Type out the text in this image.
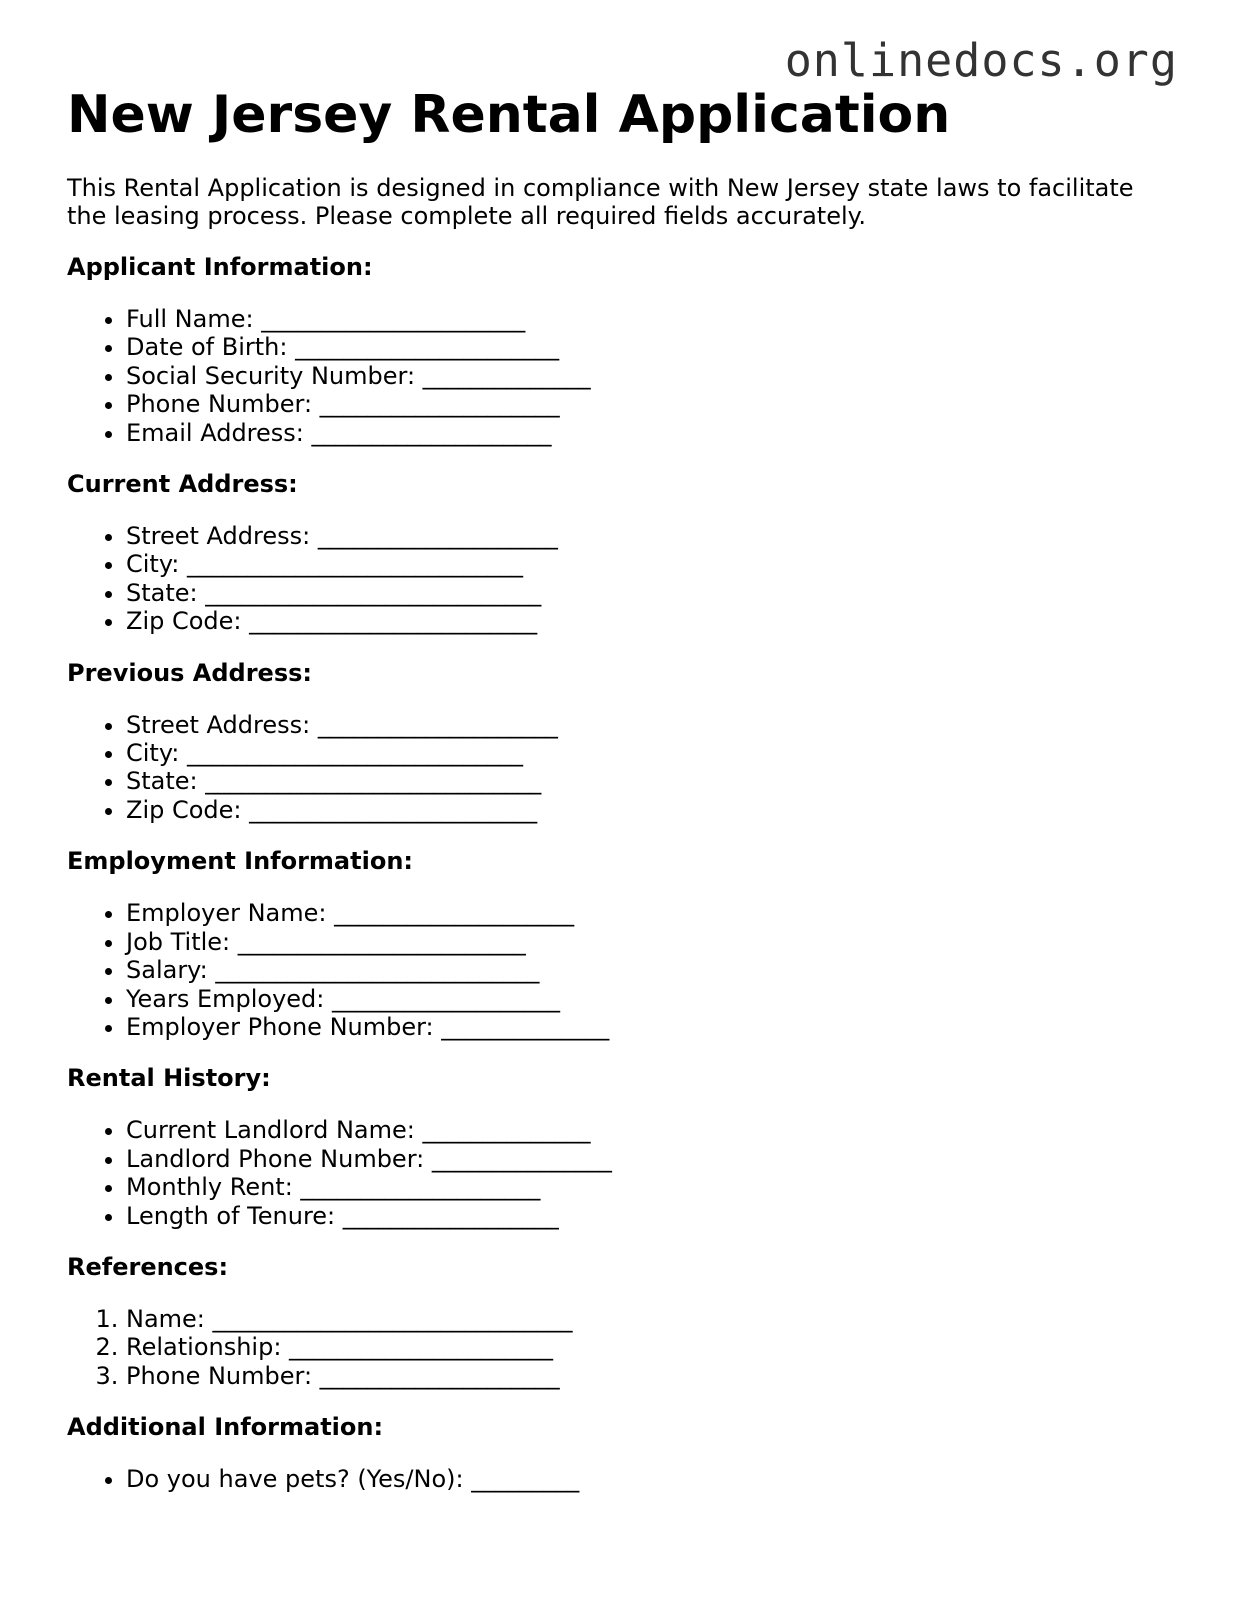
onlinedocs.org
New Jersey Rental Application

This Rental Application is designed in compliance with New Jersey state laws to facilitate the leasing process. Please complete all required fields accurately.

Applicant Information:
• Full Name: ______________________
• Date of Birth: ______________________
• Social Security Number: ______________
• Phone Number: ____________________
• Email Address: ____________________
Current Address:
• Street Address: ____________________
• City: ____________________________
• State: ____________________________
• Zip Code: ________________________
Previous Address:
• Street Address: ____________________
• City: ____________________________
• State: ____________________________
• Zip Code: ________________________
Employment Information:
• Employer Name: ____________________
• Job Title: ________________________
• Salary: ___________________________
• Years Employed: ___________________
• Employer Phone Number: ______________
Rental History:
• Current Landlord Name: ______________
• Landlord Phone Number: _______________
• Monthly Rent: ____________________
• Length of Tenure: __________________
References:
1. Name: ______________________________
2. Relationship: ______________________
3. Phone Number: ____________________
Additional Information:
• Do you have pets? (Yes/No): _________
